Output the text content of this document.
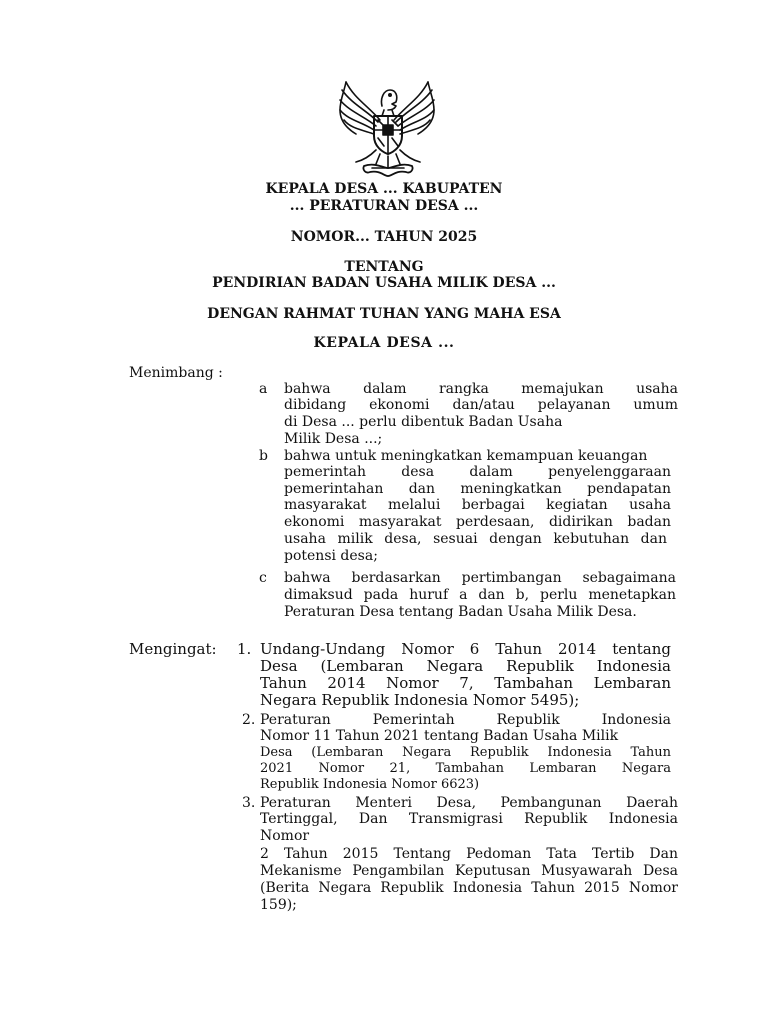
KEPALA DESA ... KABUPATEN
... PERATURAN DESA ...
NOMOR... TAHUN 2025
TENTANG
PENDIRIAN BADAN USAHA MILIK DESA ...
DENGAN RAHMAT TUHAN YANG MAHA ESA
KEPALA DESA ...
Menimbang :
a bahwa dalam rangka memajukan usaha
dibidang ekonomi dan/atau pelayanan umum
di Desa ... perlu dibentuk Badan Usaha
Milik Desa ...;
b bahwa untuk meningkatkan kemampuan keuangan
pemerintah desa dalam penyelenggaraan
pemerintahan dan meningkatkan pendapatan
masyarakat melalui berbagai kegiatan usaha
ekonomi masyarakat perdesaan, didirikan badan
usaha milik desa, sesuai dengan kebutuhan dan
potensi desa;
c bahwa berdasarkan pertimbangan sebagaimana
dimaksud pada huruf a dan b, perlu menetapkan
Peraturan Desa tentang Badan Usaha Milik Desa.
Mengingat: 1. Undang-Undang Nomor 6 Tahun 2014 tentang
Desa (Lembaran Negara Republik Indonesia
Tahun 2014 Nomor 7, Tambahan Lembaran
Negara Republik Indonesia Nomor 5495);
2. Peraturan Pemerintah Republik Indonesia
Nomor 11 Tahun 2021 tentang Badan Usaha Milik
Desa (Lembaran Negara Republik Indonesia Tahun
2021 Nomor 21, Tambahan Lembaran Negara
Republik Indonesia Nomor 6623)
3. Peraturan Menteri Desa, Pembangunan Daerah
Tertinggal, Dan Transmigrasi Republik Indonesia
Nomor
2 Tahun 2015 Tentang Pedoman Tata Tertib Dan
Mekanisme Pengambilan Keputusan Musyawarah Desa
(Berita Negara Republik Indonesia Tahun 2015 Nomor
159);
